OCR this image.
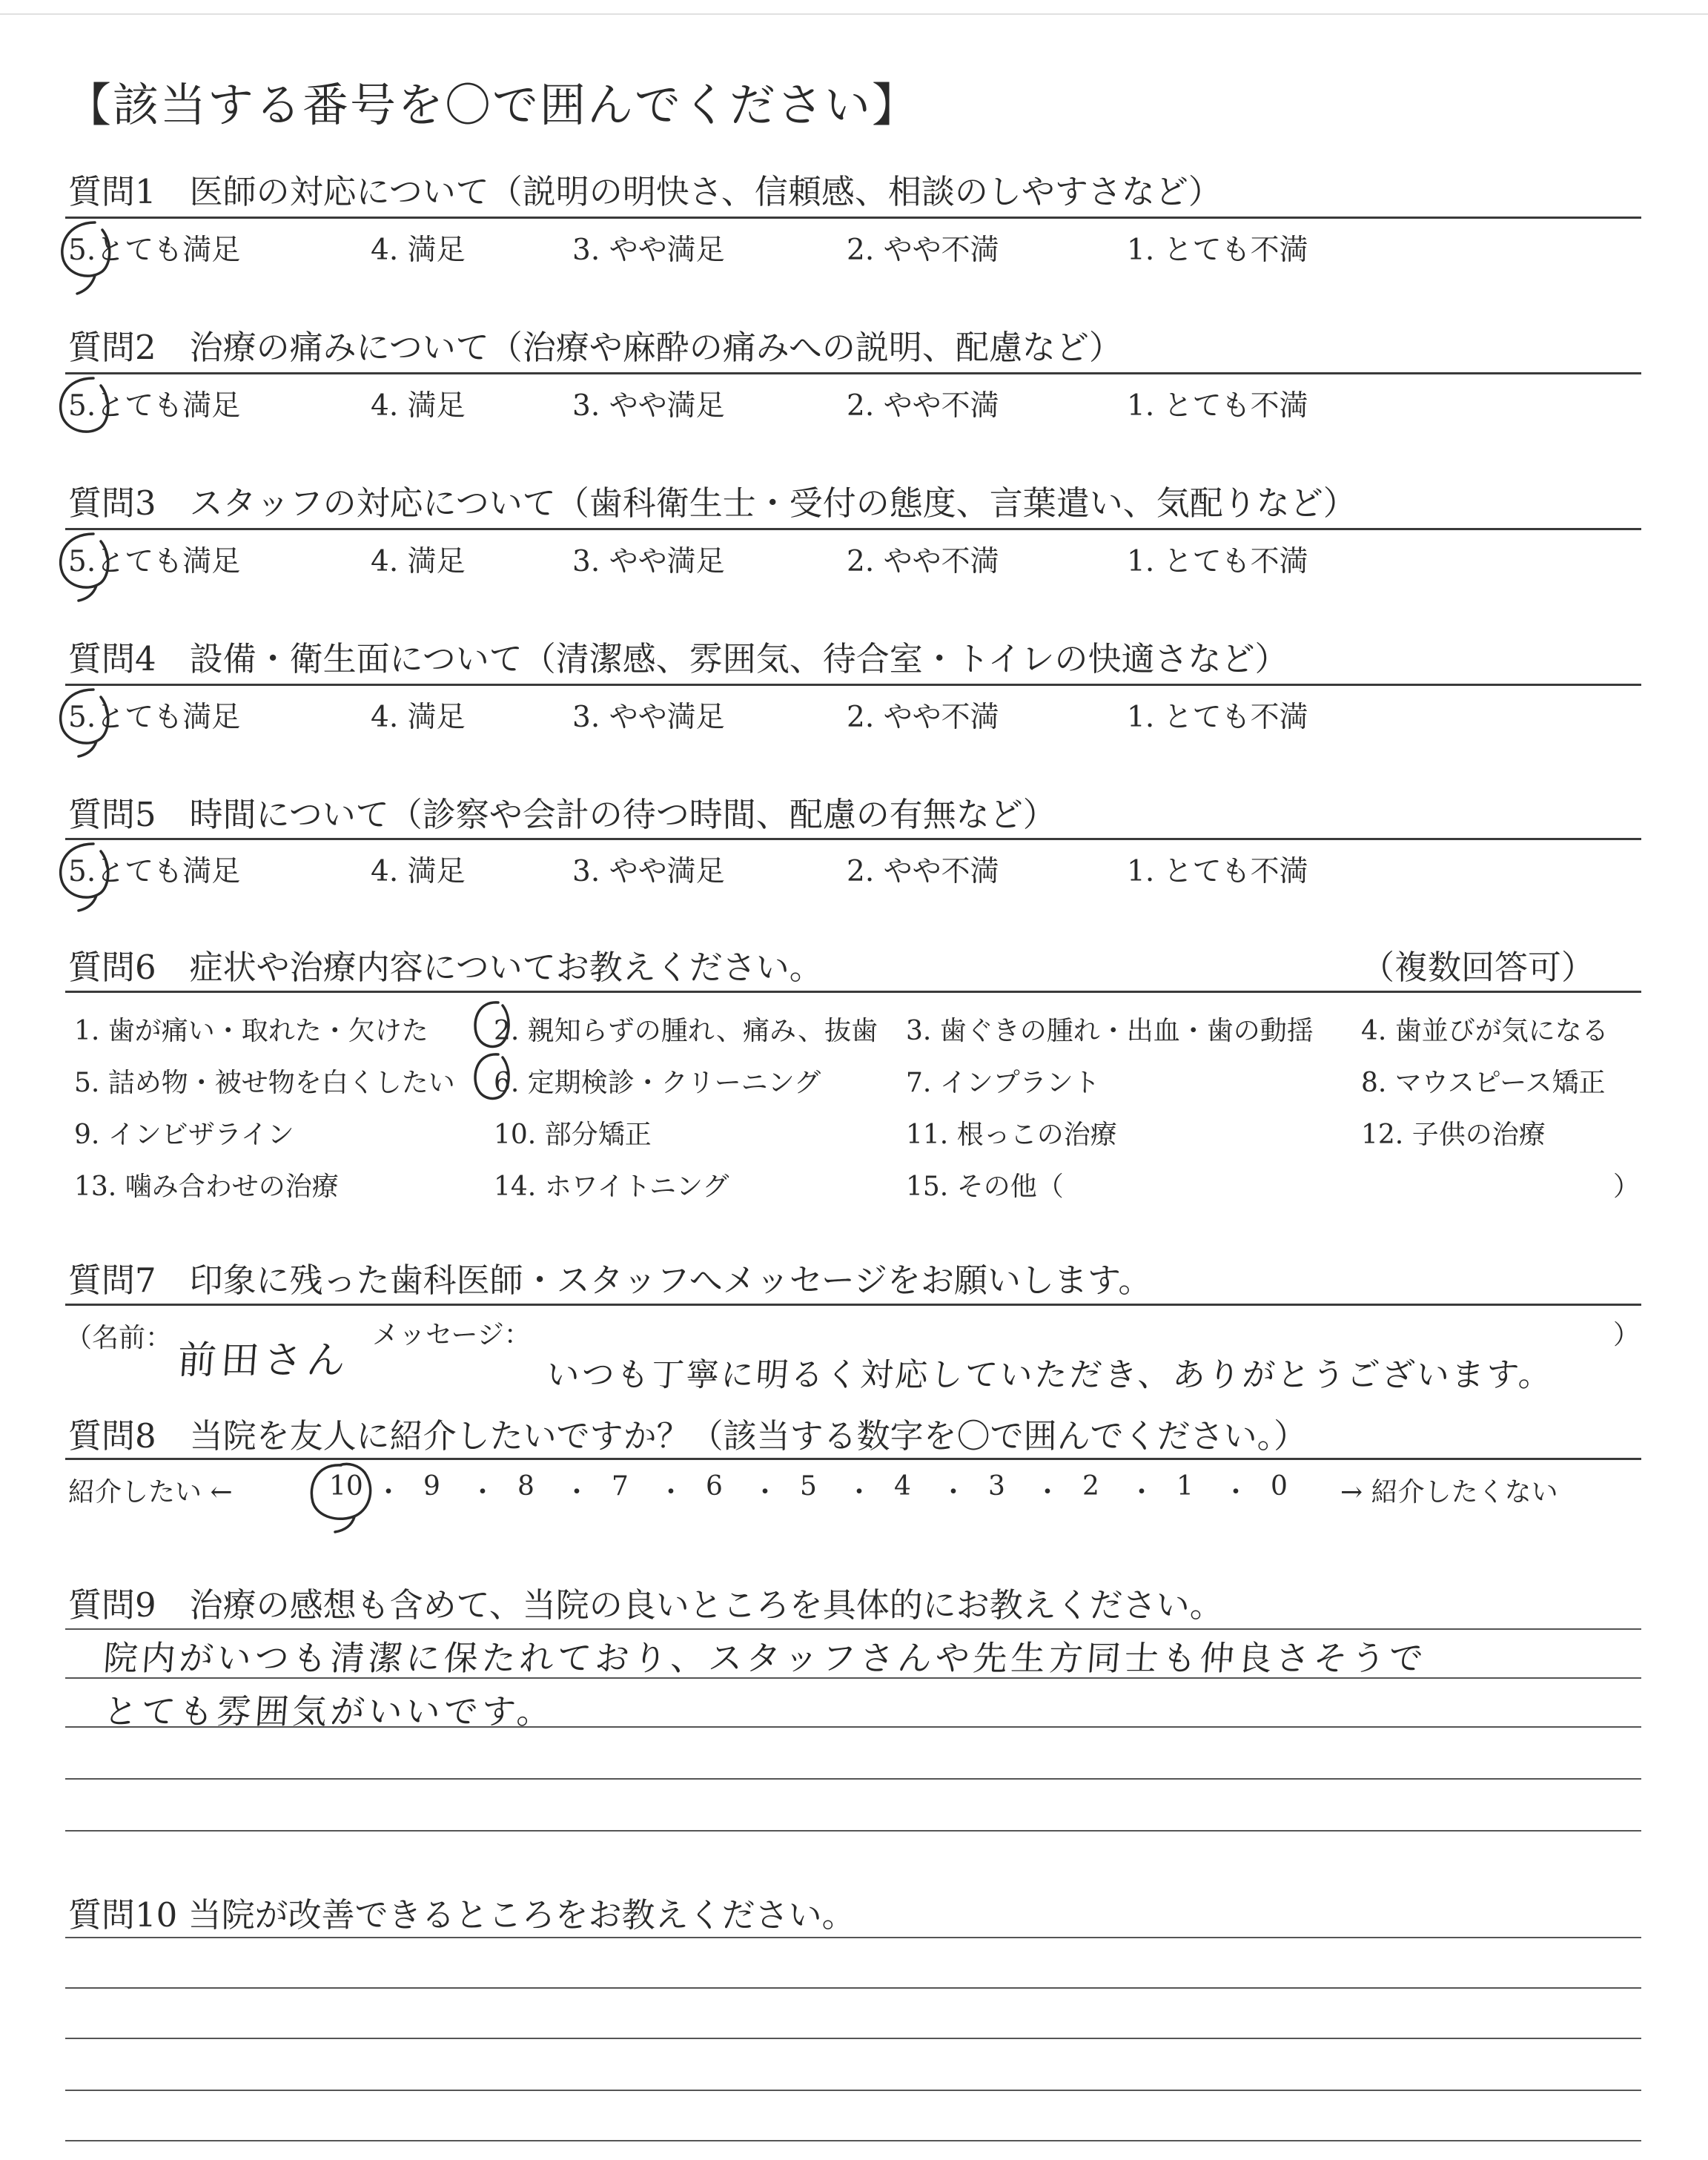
【該当する番号を〇で囲んでください】
質問1　医師の対応について（説明の明快さ、信頼感、相談のしやすさなど）
5.とても満足	4. 満足	3. やや満足	2. やや不満	1. とても不満
質問2　治療の痛みについて（治療や麻酔の痛みへの説明、配慮など）
5.とても満足	4. 満足	3. やや満足	2. やや不満	1. とても不満
質問3　スタッフの対応について（歯科衛生士・受付の態度、言葉遣い、気配りなど）
5.とても満足	4. 満足	3. やや満足	2. やや不満	1. とても不満
質問4　設備・衛生面について（清潔感、雰囲気、待合室・トイレの快適さなど）
5.とても満足	4. 満足	3. やや満足	2. やや不満	1. とても不満
質問5　時間について（診察や会計の待つ時間、配慮の有無など）
5.とても満足	4. 満足	3. やや満足	2. やや不満	1. とても不満
質問6　症状や治療内容についてお教えください。	（複数回答可）
1. 歯が痛い・取れた・欠けた 2. 親知らずの腫れ、痛み、抜歯 3. 歯ぐきの腫れ・出血・歯の動揺 4. 歯並びが気になる
5. 詰め物・被せ物を白くしたい 6. 定期検診・クリーニング	7. インプラント	8. マウスピース矯正
9. インビザライン	10. 部分矯正	11. 根っこの治療	12. 子供の治療
13. 噛み合わせの治療	14. ホワイトニング	15. その他（	）
質問7　印象に残った歯科医師・スタッフへメッセージをお願いします。
（名前：
前田さん
メッセージ：
いつも丁寧に明るく対応していただき、ありがとうございます。
）
質問8　当院を友人に紹介したいですか？（該当する数字を〇で囲んでください。）
紹介したい ←	→ 紹介したくない
10 ・ 9 ・ 8 ・ 7 ・ 6 ・ 5 ・ 4 ・ 3 ・ 2 ・ 1 ・ 0
質問9　治療の感想も含めて、当院の良いところを具体的にお教えください。
院内がいつも清潔に保たれており、スタッフさんや先生方同士も仲良さそうで
とても雰囲気がいいです。
質問10 当院が改善できるところをお教えください。
